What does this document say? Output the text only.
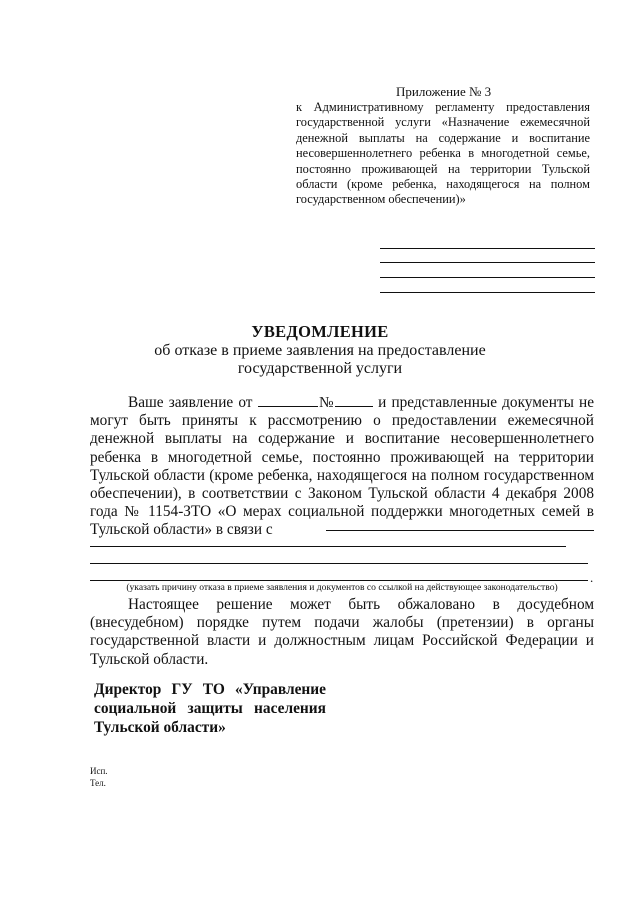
Приложение № 3
к Административному регламенту предоставления государственной услуги «Назначение ежемесячной денежной выплаты на содержание и воспитание несовершеннолетнего ребенка в многодетной семье, постоянно проживающей на территории Тульской области (кроме ребенка, находящегося на полном государственном обеспечении)»
УВЕДОМЛЕНИЕ
об отказе в приеме заявления на предоставление
государственной услуги
Ваше заявление от	№	и представленные документы не могут быть приняты к рассмотрению о предоставлении ежемесячной денежной выплаты на содержание и воспитание несовершеннолетнего ребенка в многодетной семье, постоянно проживающей на территории Тульской области (кроме ребенка, находящегося на полном государственном обеспечении), в соответствии с Законом Тульской области 4 декабря 2008 года № 1154-ЗТО «О мерах социальной поддержки многодетных семей в Тульской области» в связи с
.
(указать причину отказа в приеме заявления и документов со ссылкой на действующее законодательство)
Настоящее решение может быть обжаловано в досудебном (внесудебном) порядке путем подачи жалобы (претензии) в органы государственной власти и должностным лицам Российской Федерации и Тульской области.
Директор ГУ ТО «Управление социальной защиты населения Тульской области»
Исп.
Тел.
